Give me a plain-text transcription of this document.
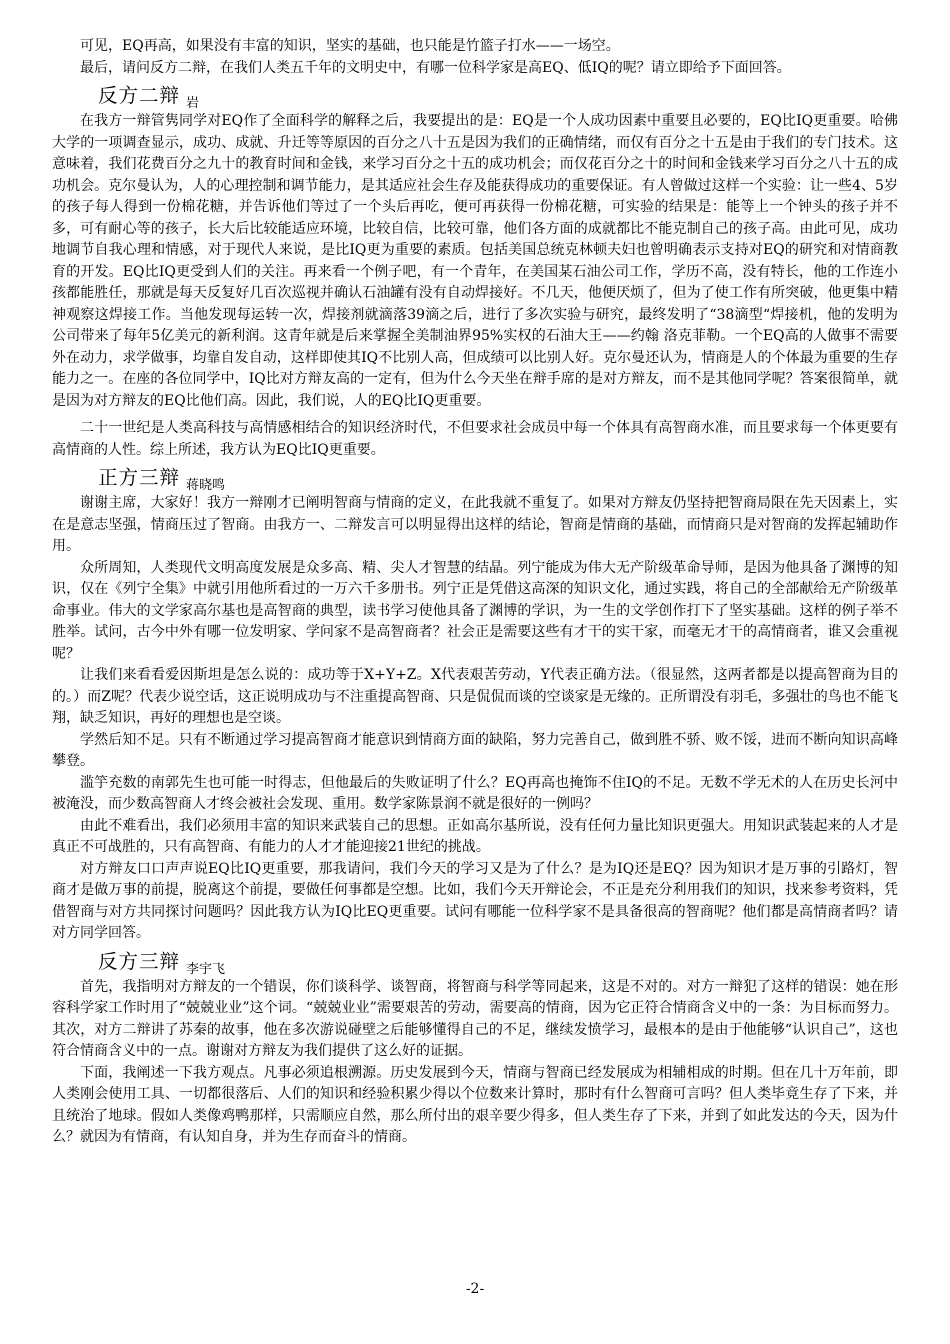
可见，EQ再高，如果没有丰富的知识，坚实的基础，也只能是竹篮子打水——一场空。

最后，请问反方二辩，在我们人类五千年的文明史中，有哪一位科学家是高EQ、低IQ的呢？请立即给予下面回答。

反方二辩 $_岩$

在我方一辩管隽同学对EQ作了全面科学的解释之后，我要提出的是：EQ是一个人成功因素中重要且必要的，EQ比IQ更重要。哈佛大学的一项调查显示，成功、成就、升迁等等原因的百分之八十五是因为我们的正确情绪，而仅有百分之十五是由于我们的专门技术。这意味着，我们花费百分之九十的教育时间和金钱，来学习百分之十五的成功机会；而仅花百分之十的时间和金钱来学习百分之八十五的成功机会。克尔曼认为，人的心理控制和调节能力，是其适应社会生存及能获得成功的重要保证。有人曾做过这样一个实验：让一些4、5岁的孩子每人得到一份棉花糖，并告诉他们等过了一个头后再吃，便可再获得一份棉花糖，可实验的结果是：能等上一个钟头的孩子并不多，可有耐心等的孩子，长大后比较能适应环境，比较自信，比较可靠，他们各方面的成就都比不能克制自己的孩子高。由此可见，成功地调节自我心理和情感，对于现代人来说，是比IQ更为重要的素质。包括美国总统克林顿夫妇也曾明确表示支持对EQ的研究和对情商教育的开发。EQ比IQ更受到人们的关注。再来看一个例子吧，有一个青年，在美国某石油公司工作，学历不高，没有特长，他的工作连小孩都能胜任，那就是每天反复好几百次巡视并确认石油罐有没有自动焊接好。不几天，他便厌烦了，但为了使工作有所突破，他更集中精神观察这焊接工作。当他发现每运转一次，焊接剂就滴落39滴之后，进行了多次实验与研究，最终发明了“38滴型“焊接机，他的发明为公司带来了每年5亿美元的新利润。这青年就是后来掌握全美制油界95%实权的石油大王——约翰 洛克菲勒。一个EQ高的人做事不需要外在动力，求学做事，均靠自发自动，这样即使其IQ不比别人高，但成绩可以比别人好。克尔曼还认为，情商是人的个体最为重要的生存能力之一。在座的各位同学中，IQ比对方辩友高的一定有，但为什么今天坐在辩手席的是对方辩友，而不是其他同学呢？答案很简单，就是因为对方辩友的EQ比他们高。因此，我们说，人的EQ比IQ更重要。

二十一世纪是人类高科技与高情感相结合的知识经济时代，不但要求社会成员中每一个体具有高智商水准，而且要求每一个体更要有高情商的人性。综上所述，我方认为EQ比IQ更重要。

正方三辩 $_{蒋晓鸣}$

谢谢主席，大家好！我方一辩刚才已阐明智商与情商的定义，在此我就不重复了。如果对方辩友仍坚持把智商局限在先天因素上，实在是意志坚强，情商压过了智商。由我方一、二辩发言可以明显得出这样的结论，智商是情商的基础，而情商只是对智商的发挥起辅助作用。

众所周知，人类现代文明高度发展是众多高、精、尖人才智慧的结晶。列宁能成为伟大无产阶级革命导师，是因为他具备了渊博的知识，仅在《列宁全集》中就引用他所看过的一万六千多册书。列宁正是凭借这高深的知识文化，通过实践，将自己的全部献给无产阶级革命事业。伟大的文学家高尔基也是高智商的典型，读书学习使他具备了渊博的学识，为一生的文学创作打下了坚实基础。这样的例子举不胜举。试问，古今中外有哪一位发明家、学问家不是高智商者？社会正是需要这些有才干的实干家，而毫无才干的高情商者，谁又会重视呢？

让我们来看看爱因斯坦是怎么说的：成功等于X+Y+Z。X代表艰苦劳动，Y代表正确方法。（很显然，这两者都是以提高智商为目的的。）而Z呢？代表少说空话，这正说明成功与不注重提高智商、只是侃侃而谈的空谈家是无缘的。正所谓没有羽毛，多强壮的鸟也不能飞翔，缺乏知识，再好的理想也是空谈。

学然后知不足。只有不断通过学习提高智商才能意识到情商方面的缺陷，努力完善自己，做到胜不骄、败不馁，进而不断向知识高峰攀登。

滥竽充数的南郭先生也可能一时得志，但他最后的失败证明了什么？EQ再高也掩饰不住IQ的不足。无数不学无术的人在历史长河中被淹没，而少数高智商人才终会被社会发现、重用。数学家陈景润不就是很好的一例吗？

由此不难看出，我们必须用丰富的知识来武装自己的思想。正如高尔基所说，没有任何力量比知识更强大。用知识武装起来的人才是真正不可战胜的，只有高智商、有能力的人才才能迎接21世纪的挑战。

对方辩友口口声声说EQ比IQ更重要，那我请问，我们今天的学习又是为了什么？是为IQ还是EQ？因为知识才是万事的引路灯，智商才是做万事的前提，脱离这个前提，要做任何事都是空想。比如，我们今天开辩论会，不正是充分利用我们的知识，找来参考资料，凭借智商与对方共同探讨问题吗？因此我方认为IQ比EQ更重要。试问有哪能一位科学家不是具备很高的智商呢？他们都是高情商者吗？请对方同学回答。

反方三辩 $_{李宇飞}$

首先，我指明对方辩友的一个错误，你们谈科学、谈智商，将智商与科学等同起来，这是不对的。对方一辩犯了这样的错误：她在形容科学家工作时用了“兢兢业业”这个词。“兢兢业业”需要艰苦的劳动，需要高的情商，因为它正符合情商含义中的一条：为目标而努力。其次，对方二辩讲了苏秦的故事，他在多次游说碰壁之后能够懂得自己的不足，继续发愤学习，最根本的是由于他能够“认识自己”，这也符合情商含义中的一点。谢谢对方辩友为我们提供了这么好的证据。

下面，我阐述一下我方观点。凡事必须追根溯源。历史发展到今天，情商与智商已经发展成为相辅相成的时期。但在几十万年前，即人类刚会使用工具、一切都很落后、人们的知识和经验积累少得以个位数来计算时，那时有什么智商可言吗？但人类毕竟生存了下来，并且统治了地球。假如人类像鸡鸭那样，只需顺应自然，那么所付出的艰辛要少得多，但人类生存了下来，并到了如此发达的今天，因为什么？就因为有情商，有认知自身，并为生存而奋斗的情商。

-2-
